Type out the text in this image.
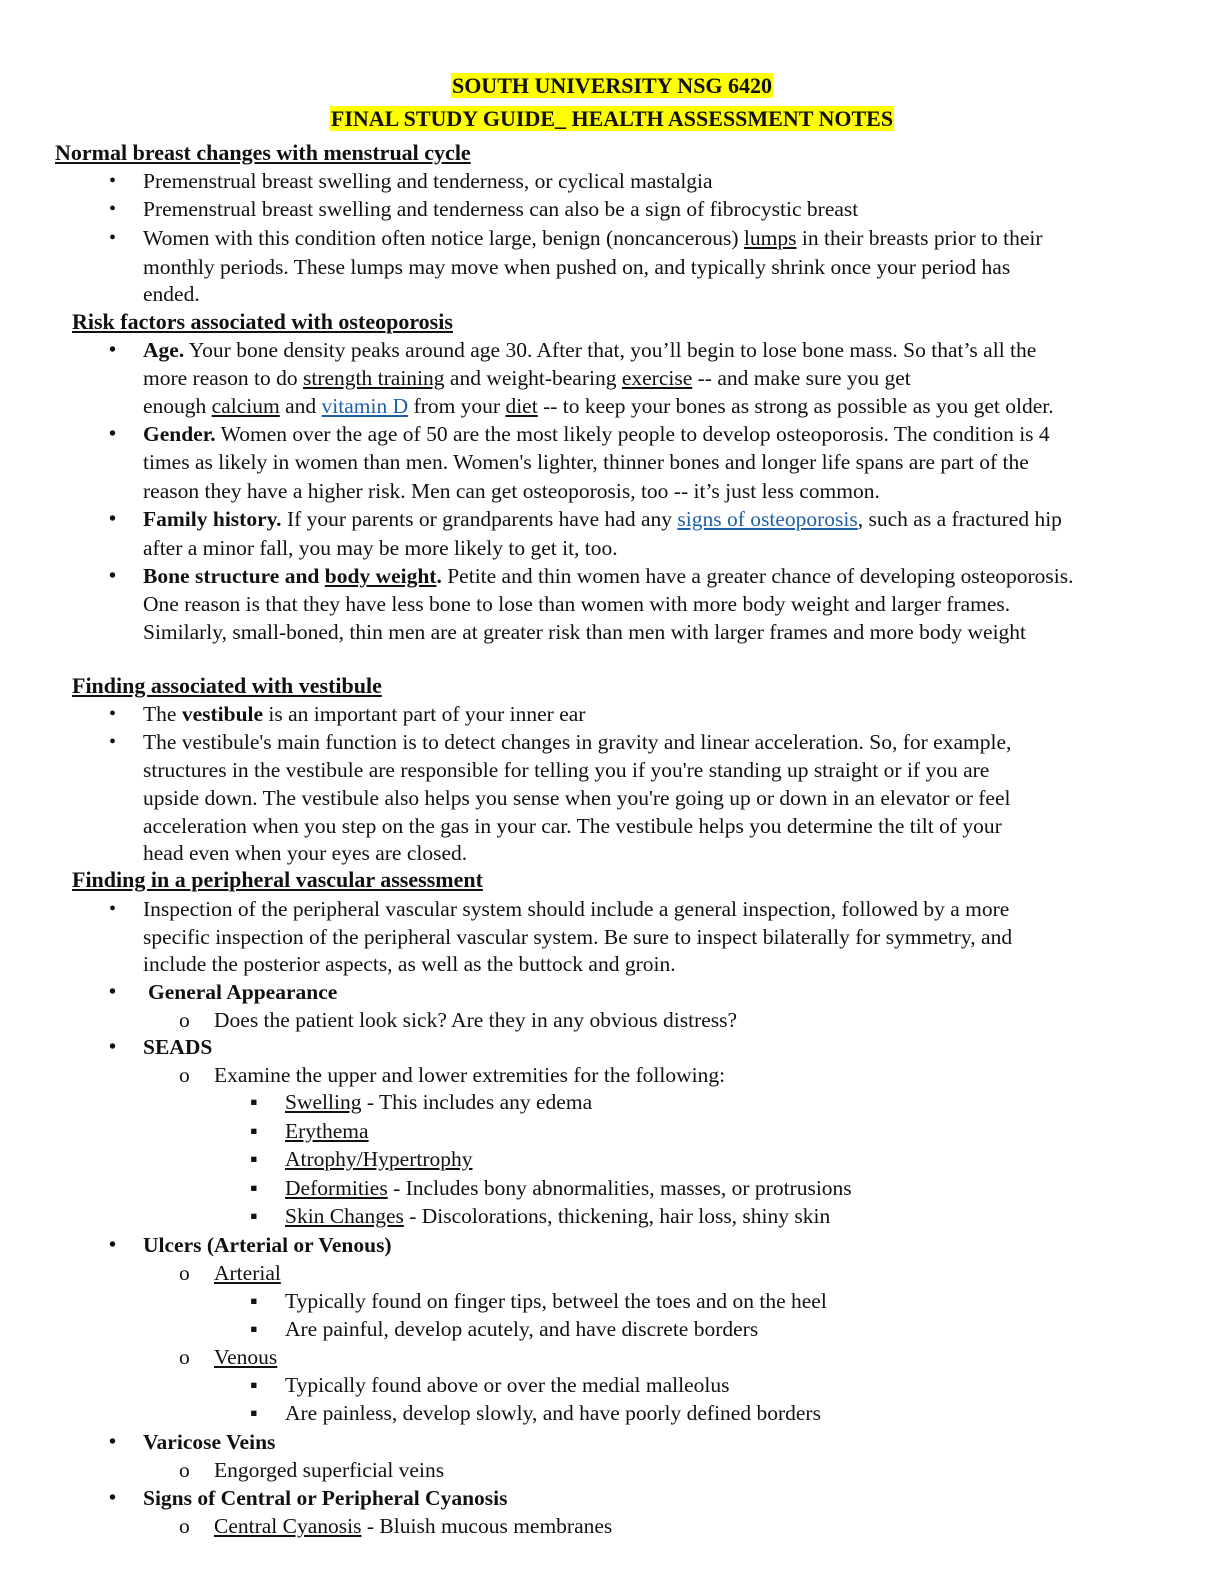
SOUTH UNIVERSITY NSG 6420
FINAL STUDY GUIDE_ HEALTH ASSESSMENT NOTES
Normal breast changes with menstrual cycle
• Premenstrual breast swelling and tenderness, or cyclical mastalgia
• Premenstrual breast swelling and tenderness can also be a sign of fibrocystic breast
• Women with this condition often notice large, benign (noncancerous) lumps in their breasts prior to their
monthly periods. These lumps may move when pushed on, and typically shrink once your period has
ended.
Risk factors associated with osteoporosis
• Age. Your bone density peaks around age 30. After that, you’ll begin to lose bone mass. So that’s all the
more reason to do strength training and weight-bearing exercise -- and make sure you get
enough calcium and vitamin D from your diet -- to keep your bones as strong as possible as you get older.
• Gender. Women over the age of 50 are the most likely people to develop osteoporosis. The condition is 4
times as likely in women than men. Women's lighter, thinner bones and longer life spans are part of the
reason they have a higher risk. Men can get osteoporosis, too -- it’s just less common.
• Family history. If your parents or grandparents have had any signs of osteoporosis, such as a fractured hip
after a minor fall, you may be more likely to get it, too.
• Bone structure and body weight. Petite and thin women have a greater chance of developing osteoporosis.
One reason is that they have less bone to lose than women with more body weight and larger frames.
Similarly, small-boned, thin men are at greater risk than men with larger frames and more body weight
Finding associated with vestibule
• The vestibule is an important part of your inner ear
• The vestibule's main function is to detect changes in gravity and linear acceleration. So, for example,
structures in the vestibule are responsible for telling you if you're standing up straight or if you are
upside down. The vestibule also helps you sense when you're going up or down in an elevator or feel
acceleration when you step on the gas in your car. The vestibule helps you determine the tilt of your
head even when your eyes are closed.
Finding in a peripheral vascular assessment
• Inspection of the peripheral vascular system should include a general inspection, followed by a more
specific inspection of the peripheral vascular system. Be sure to inspect bilaterally for symmetry, and
include the posterior aspects, as well as the buttock and groin.
• General Appearance
o Does the patient look sick? Are they in any obvious distress?
• SEADS
o Examine the upper and lower extremities for the following:
▪ Swelling - This includes any edema
▪ Erythema
▪ Atrophy/Hypertrophy
▪ Deformities - Includes bony abnormalities, masses, or protrusions
▪ Skin Changes - Discolorations, thickening, hair loss, shiny skin
• Ulcers (Arterial or Venous)
o Arterial
▪ Typically found on finger tips, betweel the toes and on the heel
▪ Are painful, develop acutely, and have discrete borders
o Venous
▪ Typically found above or over the medial malleolus
▪ Are painless, develop slowly, and have poorly defined borders
• Varicose Veins
o Engorged superficial veins
• Signs of Central or Peripheral Cyanosis
o Central Cyanosis - Bluish mucous membranes
